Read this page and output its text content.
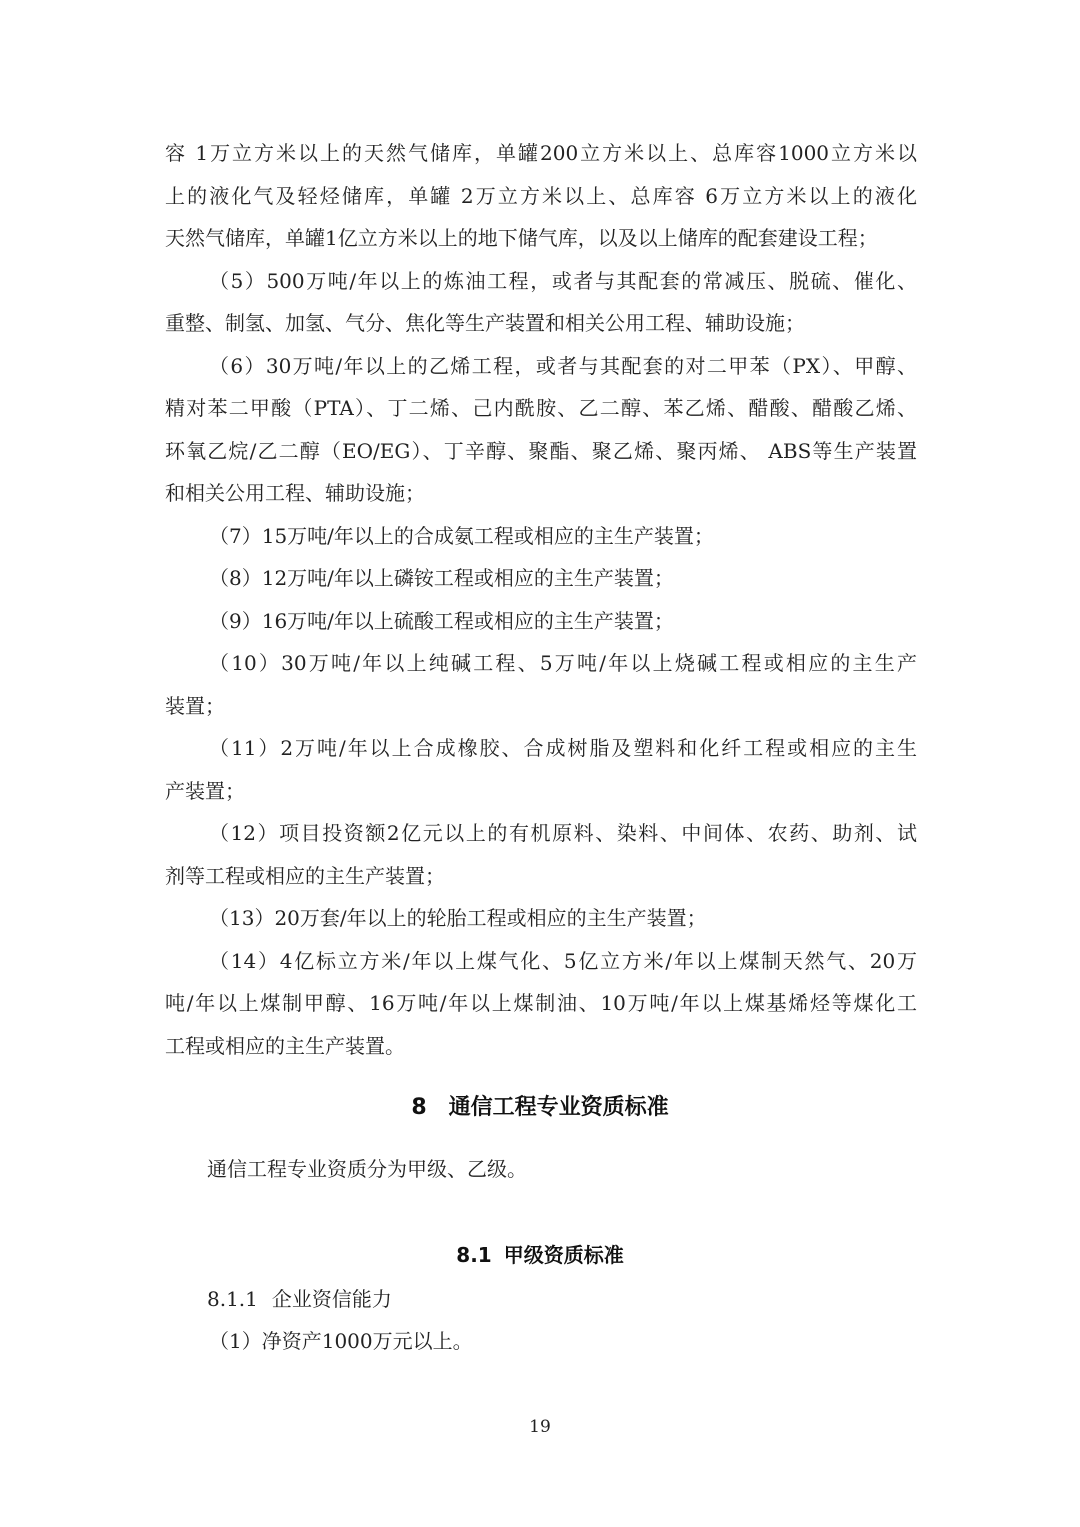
容 1万立方米以上的天然气储库，单罐200立方米以上、总库容1000立方米以
上的液化气及轻烃储库，单罐 2万立方米以上、总库容 6万立方米以上的液化
天然气储库，单罐1亿立方米以上的地下储气库，以及以上储库的配套建设工程；
（5）500万吨/年以上的炼油工程，或者与其配套的常减压、脱硫、催化、
重整、制氢、加氢、气分、焦化等生产装置和相关公用工程、辅助设施；
（6）30万吨/年以上的乙烯工程，或者与其配套的对二甲苯（PX）、甲醇、
精对苯二甲酸（PTA）、丁二烯、己内酰胺、乙二醇、苯乙烯、醋酸、醋酸乙烯、
环氧乙烷/乙二醇（EO/EG）、丁辛醇、聚酯、聚乙烯、聚丙烯、 ABS等生产装置
和相关公用工程、辅助设施；
（7）15万吨/年以上的合成氨工程或相应的主生产装置；
（8）12万吨/年以上磷铵工程或相应的主生产装置；
（9）16万吨/年以上硫酸工程或相应的主生产装置；
（10）30万吨/年以上纯碱工程、5万吨/年以上烧碱工程或相应的主生产
装置；
（11）2万吨/年以上合成橡胶、合成树脂及塑料和化纤工程或相应的主生
产装置；
（12）项目投资额2亿元以上的有机原料、染料、中间体、农药、助剂、试
剂等工程或相应的主生产装置；
（13）20万套/年以上的轮胎工程或相应的主生产装置；
（14）4亿标立方米/年以上煤气化、5亿立方米/年以上煤制天然气、20万
吨/年以上煤制甲醇、16万吨/年以上煤制油、10万吨/年以上煤基烯烃等煤化工
工程或相应的主生产装置。
8 通信工程专业资质标准
通信工程专业资质分为甲级、乙级。
8.1 甲级资质标准
8.1.1 企业资信能力
（1）净资产1000万元以上。
19
